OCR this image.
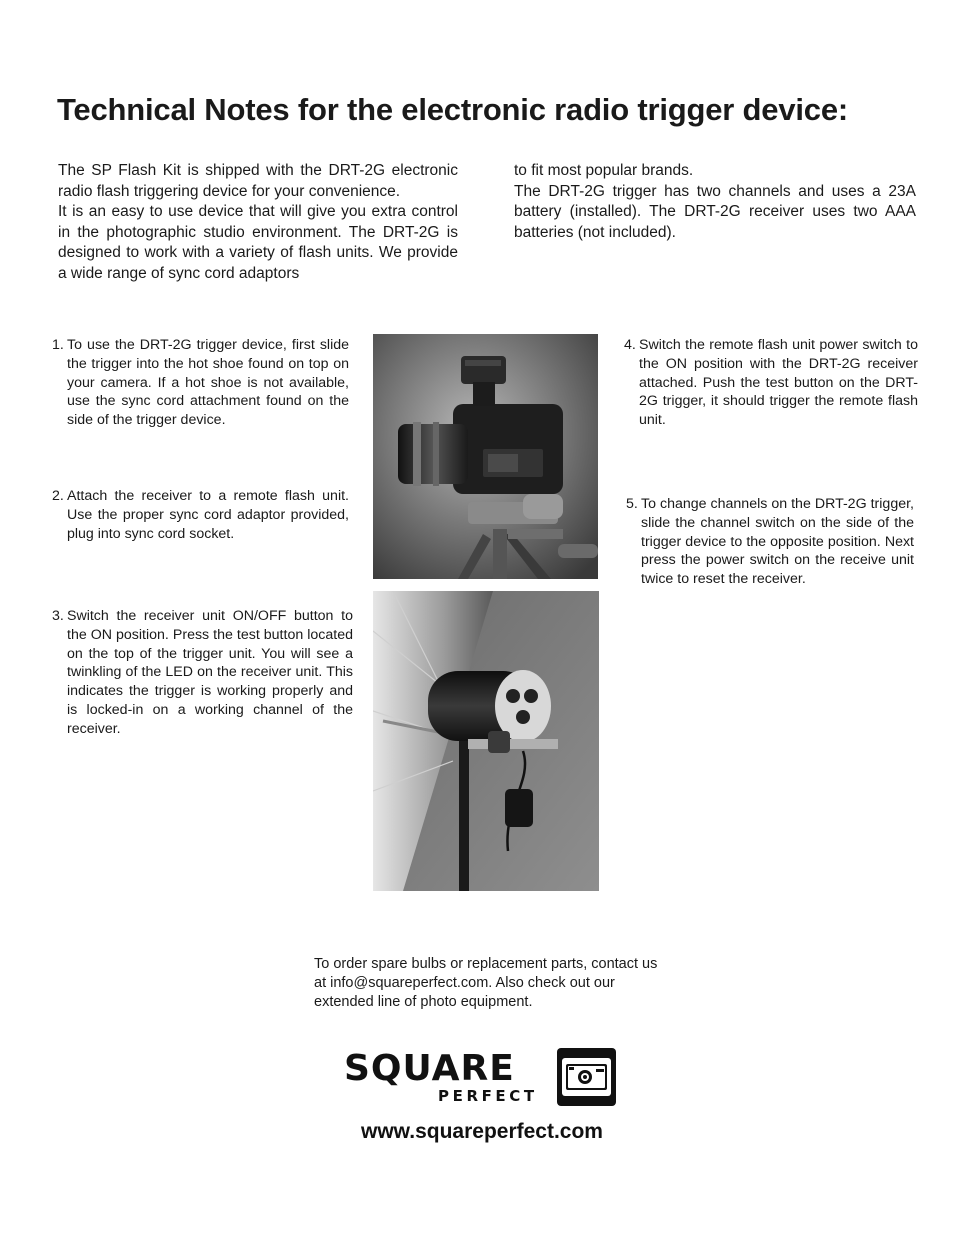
Technical Notes for the electronic radio trigger device:

The SP Flash Kit is shipped with the DRT-2G electronic radio flash triggering device for your convenience.

It is an easy to use device that will give you extra control in the photographic studio environment. The DRT-2G is designed to work with a variety of flash units. We provide a wide range of sync cord adaptors

to fit most popular brands.

The DRT-2G trigger has two channels and uses a 23A battery (installed). The DRT-2G receiver uses two AAA batteries (not included).

1. To use the DRT-2G trigger device, first slide the trigger into the hot shoe found on top on your camera. If a hot shoe is not available, use the sync cord attachment found on the side of the trigger device.
2. Attach the receiver to a remote flash unit. Use the proper sync cord adaptor provided, plug into sync cord socket.
3. Switch the receiver unit ON/OFF button to the ON position. Press the test button located on the top of the trigger unit. You will see a twinkling of the LED on the receiver unit. This indicates the trigger is working properly and is locked-in on a working channel of the receiver.
4. Switch the remote flash unit power switch to the ON position with the DRT-2G receiver attached. Push the test button on the DRT-2G trigger, it should trigger the remote flash unit.
5. To change channels on the DRT-2G trigger, slide the channel switch on the side of the trigger device to the opposite position. Next press the power switch on the receive unit twice to reset the receiver.

To order spare bulbs or replacement parts, contact us at info@squareperfect.com. Also check out our extended line of photo equipment.

SQUARE
PERFECT
www.squareperfect.com
